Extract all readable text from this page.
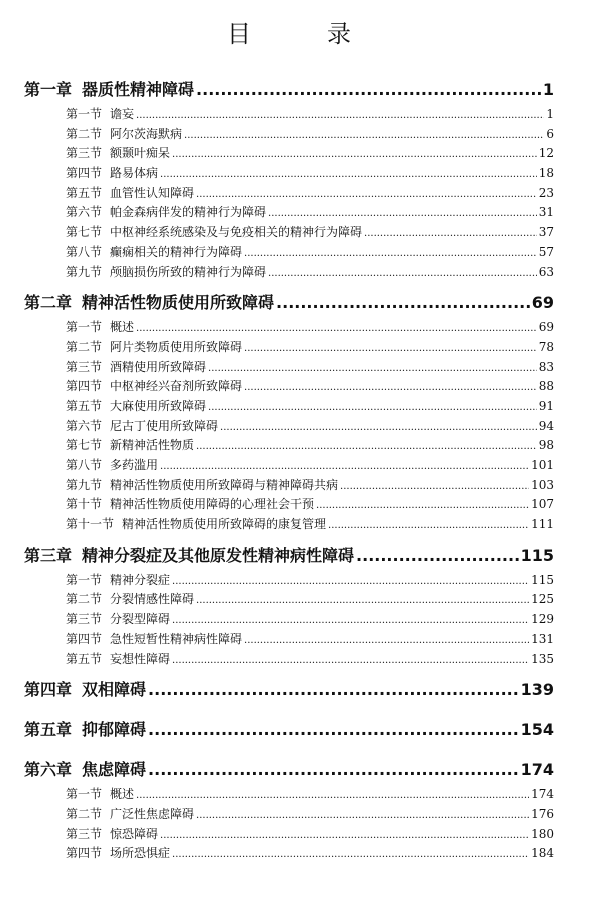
目　录
第一章 器质性精神障碍 .....	1
第一节 谵妄 .....	1
第二节 阿尔茨海默病 .....	6
第三节 额颞叶痴呆 .....	12
第四节 路易体病 .....	18
第五节 血管性认知障碍 .....	23
第六节 帕金森病伴发的精神行为障碍 .....	31
第七节 中枢神经系统感染及与免疫相关的精神行为障碍 .....	37
第八节 癫痫相关的精神行为障碍 .....	57
第九节 颅脑损伤所致的精神行为障碍 .....	63
第二章 精神活性物质使用所致障碍 .....	69
第一节 概述 .....	69
第二节 阿片类物质使用所致障碍 .....	78
第三节 酒精使用所致障碍 .....	83
第四节 中枢神经兴奋剂所致障碍 .....	88
第五节 大麻使用所致障碍 .....	91
第六节 尼古丁使用所致障碍 .....	94
第七节 新精神活性物质 .....	98
第八节 多药滥用 .....	101
第九节 精神活性物质使用所致障碍与精神障碍共病 .....	103
第十节 精神活性物质使用障碍的心理社会干预 .....	107
第十一节 精神活性物质使用所致障碍的康复管理 .....	111
第三章 精神分裂症及其他原发性精神病性障碍 .....	115
第一节 精神分裂症 .....	115
第二节 分裂情感性障碍 .....	125
第三节 分裂型障碍 .....	129
第四节 急性短暂性精神病性障碍 .....	131
第五节 妄想性障碍 .....	135
第四章 双相障碍 .....	139
第五章 抑郁障碍 .....	154
第六章 焦虑障碍 .....	174
第一节 概述 .....	174
第二节 广泛性焦虑障碍 .....	176
第三节 惊恐障碍 .....	180
第四节 场所恐惧症 .....	184
